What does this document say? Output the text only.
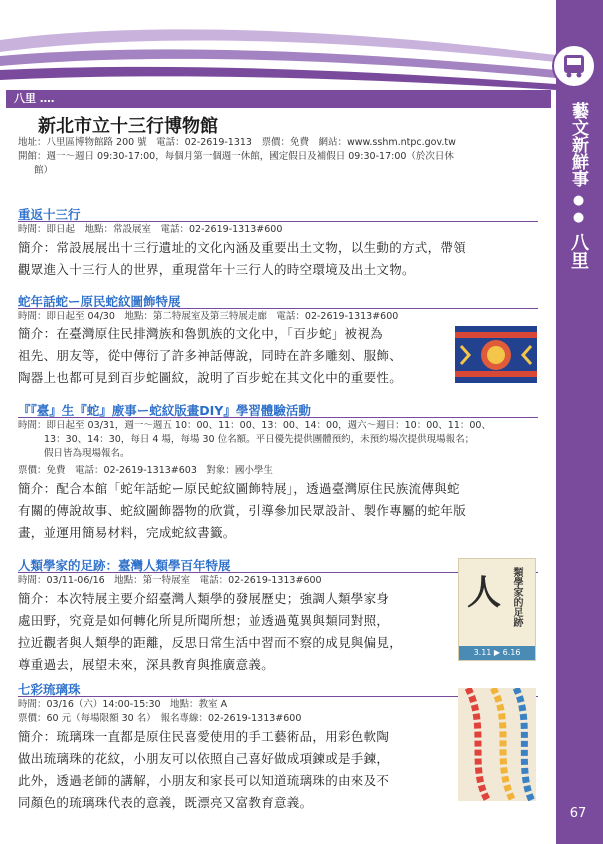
藝文新鮮事●●八里
67
八里 ‥‥
新北市立十三行博物館
地址：八里區博物館路 200 號　電話：02-2619-1313　票價：免費　網站：www.sshm.ntpc.gov.tw
開館：週一～週日 09:30-17:00，每個月第一個週一休館，國定假日及補假日 09:30-17:00（於次日休
館）
重返十三行
時間：即日起　地點：常設展室　電話：02-2619-1313#600
簡介：常設展展出十三行遺址的文化內涵及重要出土文物，以生動的方式，帶領
觀眾進入十三行人的世界，重現當年十三行人的時空環境及出土文物。
蛇年話蛇ー原民蛇紋圖飾特展
時間：即日起至 04/30　地點：第二特展室及第三特展走廊　電話：02-2619-1313#600
簡介：在臺灣原住民排灣族和魯凱族的文化中，「百步蛇」被視為
祖先、朋友等，從中傳衍了許多神話傳說，同時在許多雕刻、服飾、
陶器上也都可見到百步蛇圖紋，說明了百步蛇在其文化中的重要性。
『『臺』生『蛇』廒事ー蛇紋版畫DIY』學習體驗活動
時間：即日起至 03/31，週一～週五 10：00、11：00、13：00、14：00，週六～週日：10：00、11：00、
13：30、14：30，每日 4 場，每場 30 位名額。平日優先提供團體預約，未預約場次提供現場報名；
假日皆為現場報名。
票價：免費　電話：02-2619-1313#603　對象：國小學生
簡介：配合本館「蛇年話蛇ー原民蛇紋圖飾特展」，透過臺灣原住民族流傳與蛇
有關的傳說故事、蛇紋圖飾器物的欣賞，引導參加民眾設計、製作專屬的蛇年版
畫，並運用簡易材料，完成蛇紋書籤。
人類學家的足跡：臺灣人類學百年特展
時間：03/11-06/16　地點：第一特展室　電話：02-2619-1313#600
簡介：本次特展主要介紹臺灣人類學的發展歷史；強調人類學家身
處田野，究竟是如何轉化所見所聞所想；並透過蒐異與類同對照，
拉近觀者與人類學的距離，反思日常生活中習而不察的成見與偏見，
尊重過去，展望未來，深具教育與推廣意義。
人 類學家的足跡
3.11 ▶ 6.16
七彩琉璃珠
時間：03/16（六）14:00-15:30　地點：教室 A
票價：60 元（每場限額 30 名）　報名專線：02-2619-1313#600
簡介：琉璃珠一直都是原住民喜愛使用的手工藝術品，用彩色軟陶
做出琉璃珠的花紋，小朋友可以依照自己喜好做成項鍊或是手鍊，
此外，透過老師的講解，小朋友和家長可以知道琉璃珠的由來及不
同顏色的琉璃珠代表的意義，既漂亮又富教育意義。
